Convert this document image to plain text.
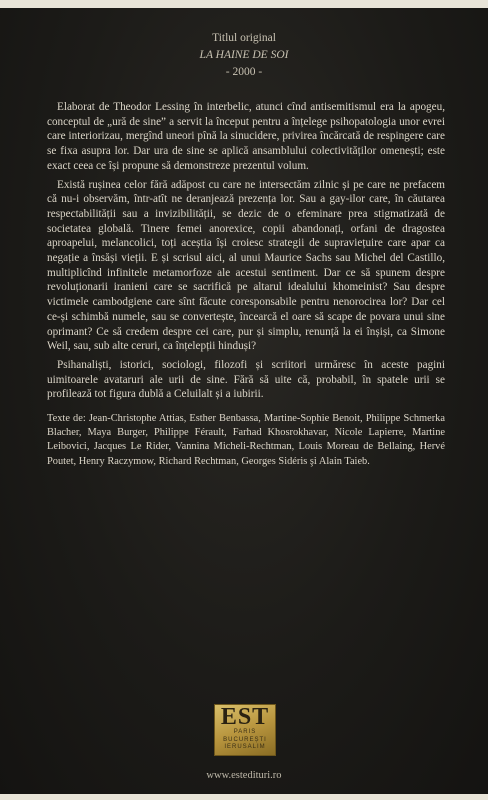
Titlul original
LA HAINE DE SOI
- 2000 -

Elaborat de Theodor Lessing în interbelic, atunci cînd antisemitismul era la apogeu, conceptul de „ură de sine” a servit la început pentru a înțelege psihopatologia unor evrei care interiorizau, mergînd uneori pînă la sinucidere, privirea încărcată de respingere care se fixa asupra lor. Dar ura de sine se aplică ansamblului colectivităților omenești; este exact ceea ce își propune să demonstreze prezentul volum.

Există rușinea celor fără adăpost cu care ne intersectăm zilnic și pe care ne prefacem că nu-i observăm, într-atît ne deranjează prezența lor. Sau a gay-ilor care, în căutarea respectabilității sau a invizibilității, se dezic de o efeminare prea stigmatizată de societatea globală. Tinere femei anorexice, copii abandonați, orfani de dragostea aproapelui, melancolici, toți aceștia își croiesc strategii de supraviețuire care apar ca negație a însăși vieții. E și scrisul aici, al unui Maurice Sachs sau Michel del Castillo, multiplicînd infinitele metamorfoze ale acestui sentiment. Dar ce să spunem despre revoluționarii iranieni care se sacrifică pe altarul idealului khomeinist? Sau despre victimele cambodgiene care sînt făcute coresponsabile pentru nenorocirea lor? Dar cel ce-și schimbă numele, sau se convertește, încearcă el oare să scape de povara unui sine oprimant? Ce să credem despre cei care, pur și simplu, renunță la ei înșiși, ca Simone Weil, sau, sub alte ceruri, ca înțelepții hinduși?

Psihanaliști, istorici, sociologi, filozofi și scriitori urmăresc în aceste pagini uimitoarele avataruri ale urii de sine. Fără să uite că, probabil, în spatele urii se profilează tot figura dublă a Celuilalt și a iubirii.

Texte de: Jean-Christophe Attias, Esther Benbassa, Martine-Sophie Benoit, Philippe Schmerka Blacher, Maya Burger, Philippe Férault, Farhad Khosrokhavar, Nicole Lapierre, Martine Leibovici, Jacques Le Rider, Vannina Micheli-Rechtman, Louis Moreau de Bellaing, Hervé Poutet, Henry Raczymow, Richard Rechtman, Georges Sidéris şi Alain Taieb.

EST
PARIS
BUCUREȘTI
IERUSALIM
www.estedituri.ro
